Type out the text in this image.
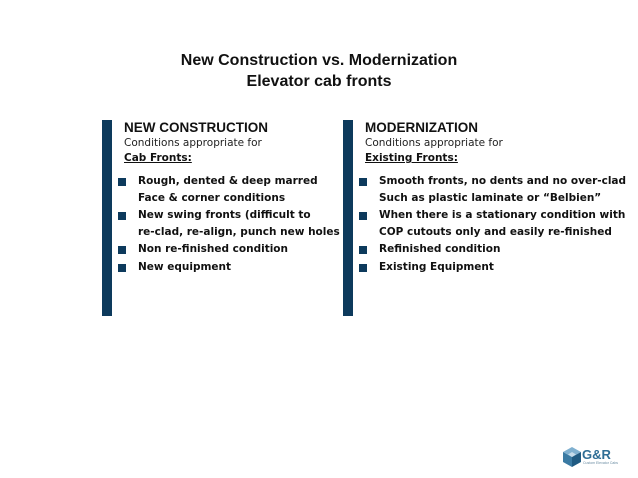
New Construction vs. Modernization
Elevator cab fronts
NEW CONSTRUCTION
Conditions appropriate for
Cab Fronts:
Rough, dented & deep marred
Face & corner conditions
New swing fronts (difficult to
re-clad, re-align, punch new holes
Non re-finished condition
New equipment
MODERNIZATION
Conditions appropriate for
Existing Fronts:
Smooth fronts, no dents and no over-clad
Such as plastic laminate or “Belbien”
When there is a stationary condition with
COP cutouts only and easily re-finished
Refinished condition
Existing Equipment
G&R
Custom Elevator Cabs
